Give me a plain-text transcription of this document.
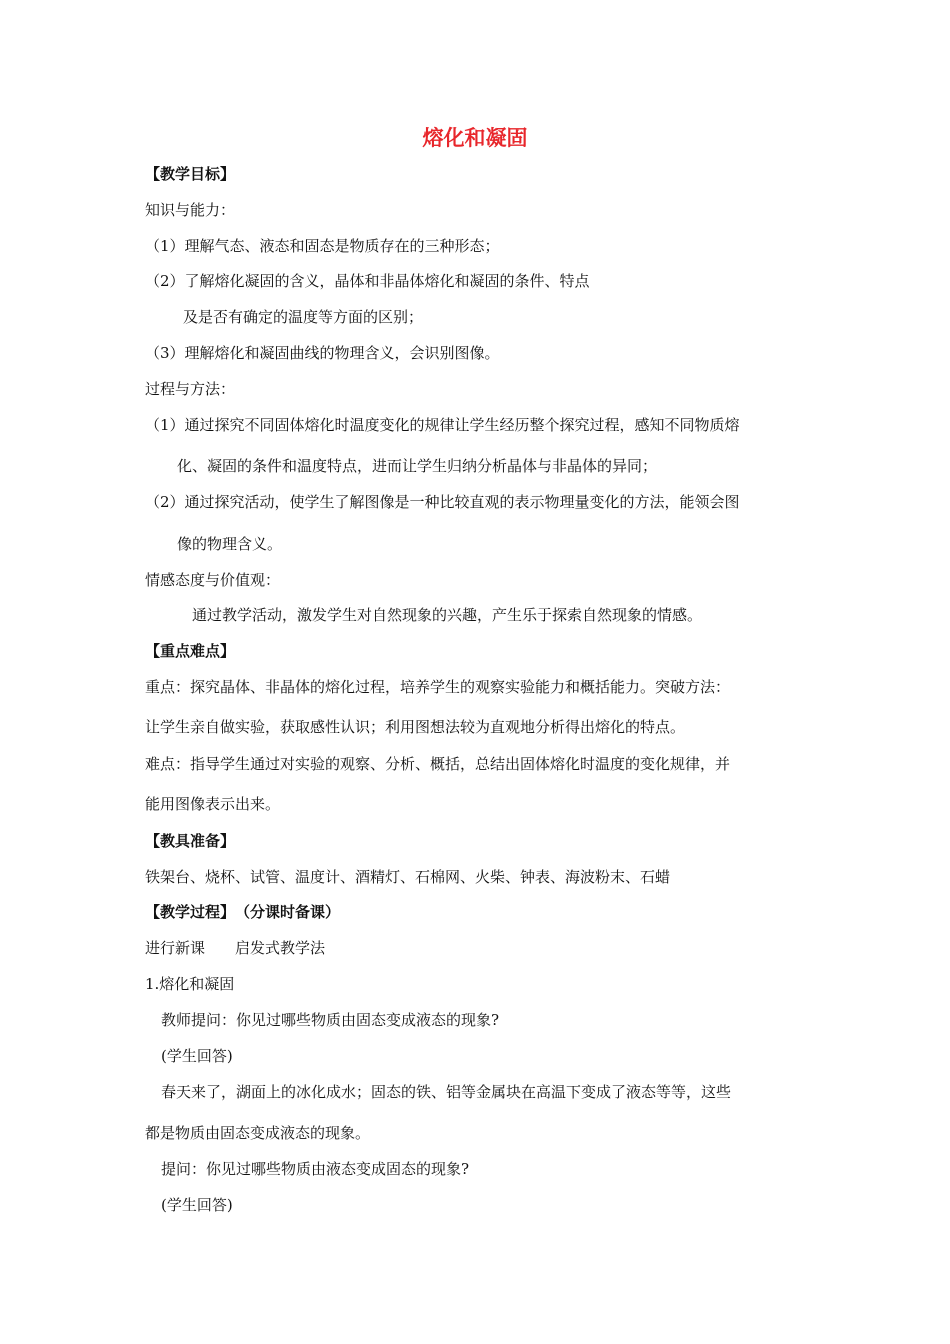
熔化和凝固
【教学目标】
知识与能力：
（1）理解气态、液态和固态是物质存在的三种形态；
（2）了解熔化凝固的含义，晶体和非晶体熔化和凝固的条件、特点
及是否有确定的温度等方面的区别；
（3）理解熔化和凝固曲线的物理含义，会识别图像。
过程与方法：
（1）通过探究不同固体熔化时温度变化的规律让学生经历整个探究过程，感知不同物质熔
化、凝固的条件和温度特点，进而让学生归纳分析晶体与非晶体的异同；
（2）通过探究活动，使学生了解图像是一种比较直观的表示物理量变化的方法，能领会图
像的物理含义。
情感态度与价值观：
通过教学活动，激发学生对自然现象的兴趣，产生乐于探索自然现象的情感。
【重点难点】
重点：探究晶体、非晶体的熔化过程，培养学生的观察实验能力和概括能力。突破方法：
让学生亲自做实验，获取感性认识；利用图想法较为直观地分析得出熔化的特点。
难点：指导学生通过对实验的观察、分析、概括，总结出固体熔化时温度的变化规律，并
能用图像表示出来。
【教具准备】
铁架台、烧杯、试管、温度计、酒精灯、石棉网、火柴、钟表、海波粉末、石蜡
【教学过程】　（分课时备课）
进行新课　　启发式教学法
1.熔化和凝固
教师提问：你见过哪些物质由固态变成液态的现象?
(学生回答)
春天来了，湖面上的冰化成水；固态的铁、铝等金属块在高温下变成了液态等等，这些
都是物质由固态变成液态的现象。
提问：你见过哪些物质由液态变成固态的现象?
(学生回答)
